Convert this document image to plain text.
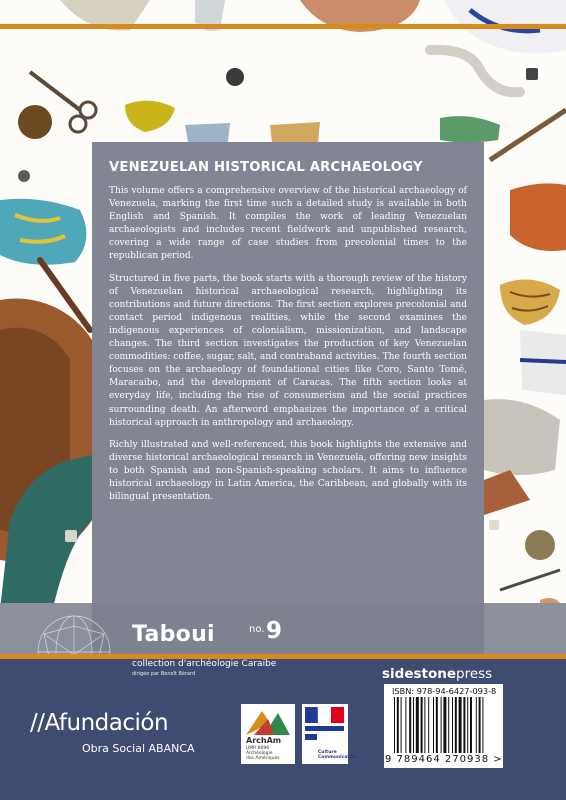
VENEZUELAN HISTORICAL ARCHAEOLOGY

This volume offers a comprehensive overview of the historical archaeology of Venezuela, marking the first time such a detailed study is available in both English and Spanish. It compiles the work of leading Venezuelan archaeologists and includes recent fieldwork and unpublished research, covering a wide range of case studies from precolonial times to the republican period.

Structured in five parts, the book starts with a thorough review of the history of Venezuelan historical archaeological research, highlighting its contributions and future directions. The first section explores precolonial and contact period indigenous realities, while the second examines the indigenous experiences of colonialism, missionization, and landscape changes. The third section investigates the production of key Venezuelan commodities: coffee, sugar, salt, and contraband activities. The fourth section focuses on the archaeology of foundational cities like Coro, Santo Tomé, Maracaibo, and the development of Caracas. The fifth section looks at everyday life, including the rise of consumerism and the social practices surrounding death. An afterword emphasizes the importance of a critical historical approach in anthropology and archaeology.

Richly illustrated and well-referenced, this book highlights the extensive and diverse historical archaeological research in Venezuela, offering new insights to both Spanish and non-Spanish-speaking scholars. It aims to influence historical archaeology in Latin America, the Caribbean, and globally with its bilingual presentation.

Taboui	no. 9
collection d'archéologie Caraïbe
dirigée par Benoît Bérard
//Afundación
Obra Social ABANCA
ArchAm
UMR 8096
Archéologie
des Amériques
Culture
Communication
sidestonepress
ISBN: 978-94-6427-093-8
9 789464 270938 >
